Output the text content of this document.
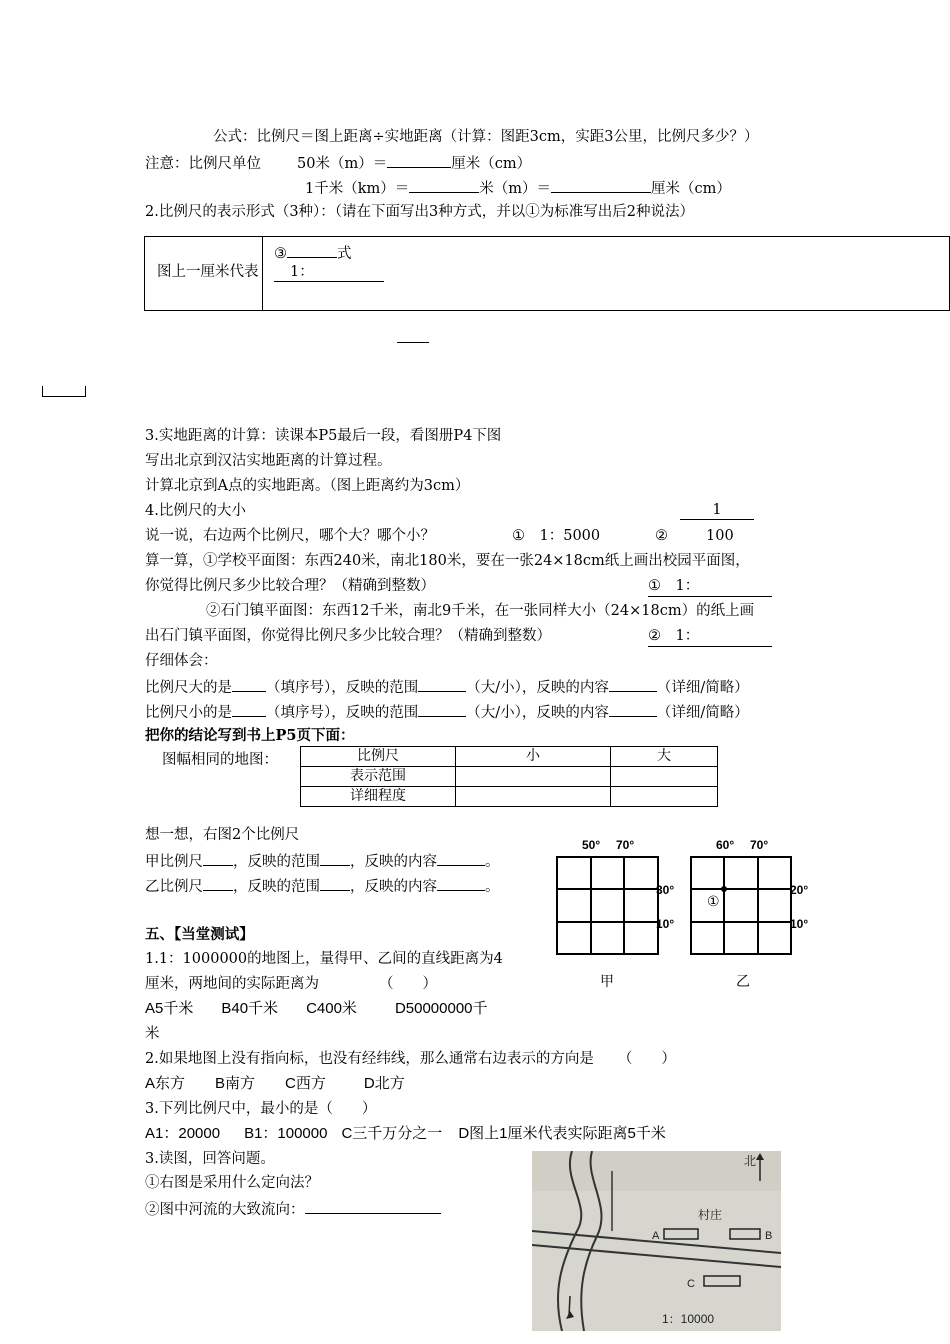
公式：比例尺＝图上距离÷实地距离（计算：图距3cm，实距3公里，比例尺多少？）
注意：比例尺单位 50米（m）＝	厘米（cm）
1千米（km）＝	米（m）＝	厘米（cm）
2.比例尺的表示形式（3种）：（请在下面写出3种方式，并以①为标准写出后2种说法）
图上一厘米代表
③	式
1：
3.实地距离的计算：读课本P5最后一段，看图册P4下图
写出北京到汉沽实地距离的计算过程。
计算北京到A点的实地距离。（图上距离约为3cm）
4.比例尺的大小	1
说一说，右边两个比例尺，哪个大？哪个小？	①　1：5000	②	100
算一算，①学校平面图：东西240米，南北180米，要在一张24×18cm纸上画出校园平面图，
你觉得比例尺多少比较合理？（精确到整数）	①　1：
②石门镇平面图：东西12千米，南北9千米，在一张同样大小（24×18cm）的纸上画
出石门镇平面图，你觉得比例尺多少比较合理？（精确到整数）	②　1：
仔细体会：
比例尺大的是 （填序号），反映的范围	（大/小），反映的内容	（详细/简略）
比例尺小的是 （填序号），反映的范围	（大/小），反映的内容	（详细/简略）
把你的结论写到书上P5页下面：
图幅相同的地图：	比例尺	小	大
表示范围		
详细程度		
想一想，右图2个比例尺
甲比例尺 ，反映的范围 ，反映的内容	。
乙比例尺 ，反映的范围 ，反映的内容	。
50° 70°
30°
10°
甲
60° 70°
20°
10°
①
乙
五、【当堂测试】
1.1：1000000的地图上，量得甲、乙间的直线距离为4
厘米，两地间的实际距离为	（　　）
A5千米 B40千米 C400米	D50000000千
米
2.如果地图上没有指向标，也没有经纬线，那么通常右边表示的方向是 （　　）
A东方 B南方 C西方	D北方
3.下列比例尺中，最小的是（　　）
A1：20000 B1：100000 C三千万分之一 D图上1厘米代表实际距离5千米
3.读图，回答问题。
①右图是采用什么定向法？
②图中河流的大致流向：
北
村庄
A	B
C
1：10000
